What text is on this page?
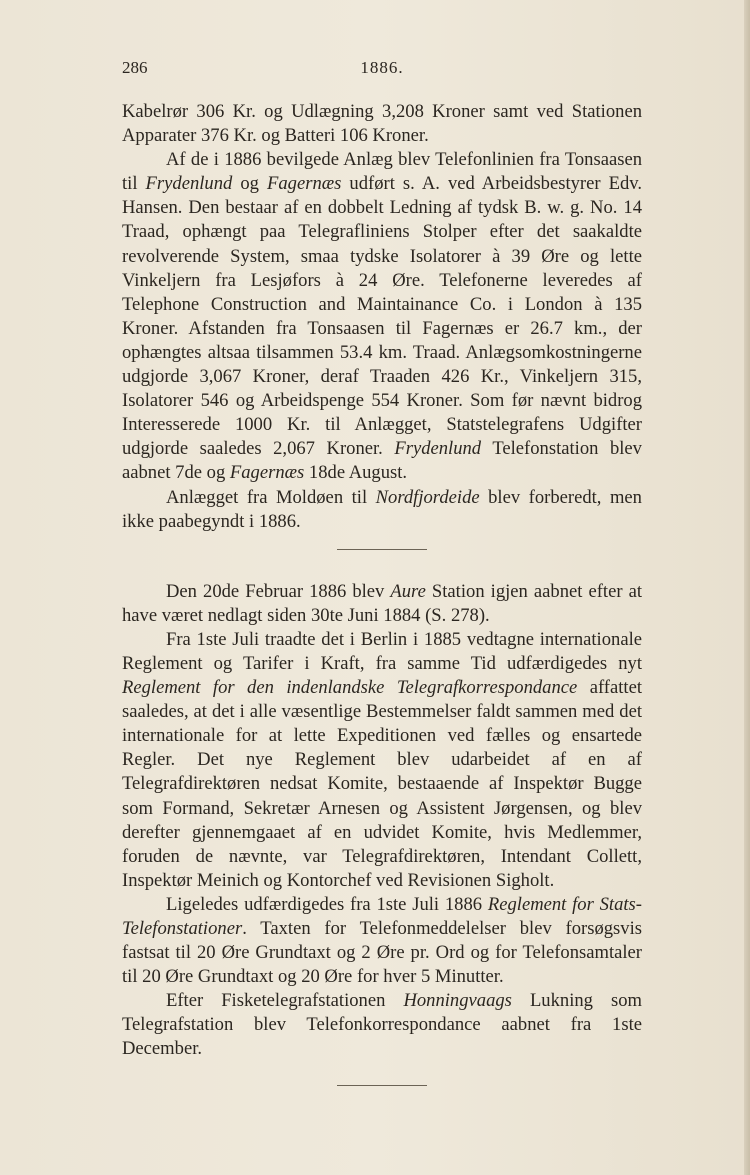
286	1886.

Kabelrør 306 Kr. og Udlægning 3,208 Kroner samt ved Stationen Apparater 376 Kr. og Batteri 106 Kroner.

Af de i 1886 bevilgede Anlæg blev Telefonlinien fra Tonsaasen til Frydenlund og Fagernæs udført s. A. ved Arbeidsbestyrer Edv. Hansen. Den bestaar af en dobbelt Ledning af tydsk B. w. g. No. 14 Traad, ophængt paa Telegrafliniens Stolper efter det saakaldte revolverende System, smaa tydske Isolatorer à 39 Øre og lette Vinkeljern fra Lesjøfors à 24 Øre. Telefonerne leveredes af Telephone Construction and Maintainance Co. i London à 135 Kroner. Afstanden fra Tonsaasen til Fagernæs er 26.7 km., der ophængtes altsaa tilsammen 53.4 km. Traad. Anlægsomkostningerne udgjorde 3,067 Kroner, deraf Traaden 426 Kr., Vinkeljern 315, Isolatorer 546 og Arbeidspenge 554 Kroner. Som før nævnt bidrog Interesserede 1000 Kr. til Anlægget, Statstelegrafens Udgifter udgjorde saaledes 2,067 Kroner. Frydenlund Telefonstation blev aabnet 7de og Fagernæs 18de August.

Anlægget fra Moldøen til Nordfjordeide blev forberedt, men ikke paabegyndt i 1886.

Den 20de Februar 1886 blev Aure Station igjen aabnet efter at have været nedlagt siden 30te Juni 1884 (S. 278).

Fra 1ste Juli traadte det i Berlin i 1885 vedtagne internationale Reglement og Tarifer i Kraft, fra samme Tid udfærdigedes nyt Reglement for den indenlandske Telegrafkorrespondance affattet saaledes, at det i alle væsentlige Bestemmelser faldt sammen med det internationale for at lette Expeditionen ved fælles og ensartede Regler. Det nye Reglement blev udarbeidet af en af Telegrafdirektøren nedsat Komite, bestaaende af Inspektør Bugge som Formand, Sekretær Arnesen og Assistent Jørgensen, og blev derefter gjennemgaaet af en udvidet Komite, hvis Medlemmer, foruden de nævnte, var Telegrafdirektøren, Intendant Collett, Inspektør Meinich og Kontorchef ved Revisionen Sigholt.

Ligeledes udfærdigedes fra 1ste Juli 1886 Reglement for Stats-Telefonstationer. Taxten for Telefonmeddelelser blev forsøgsvis fastsat til 20 Øre Grundtaxt og 2 Øre pr. Ord og for Telefonsamtaler til 20 Øre Grundtaxt og 20 Øre for hver 5 Minutter.

Efter Fisketelegrafstationen Honningvaags Lukning som Telegrafstation blev Telefonkorrespondance aabnet fra 1ste December.
